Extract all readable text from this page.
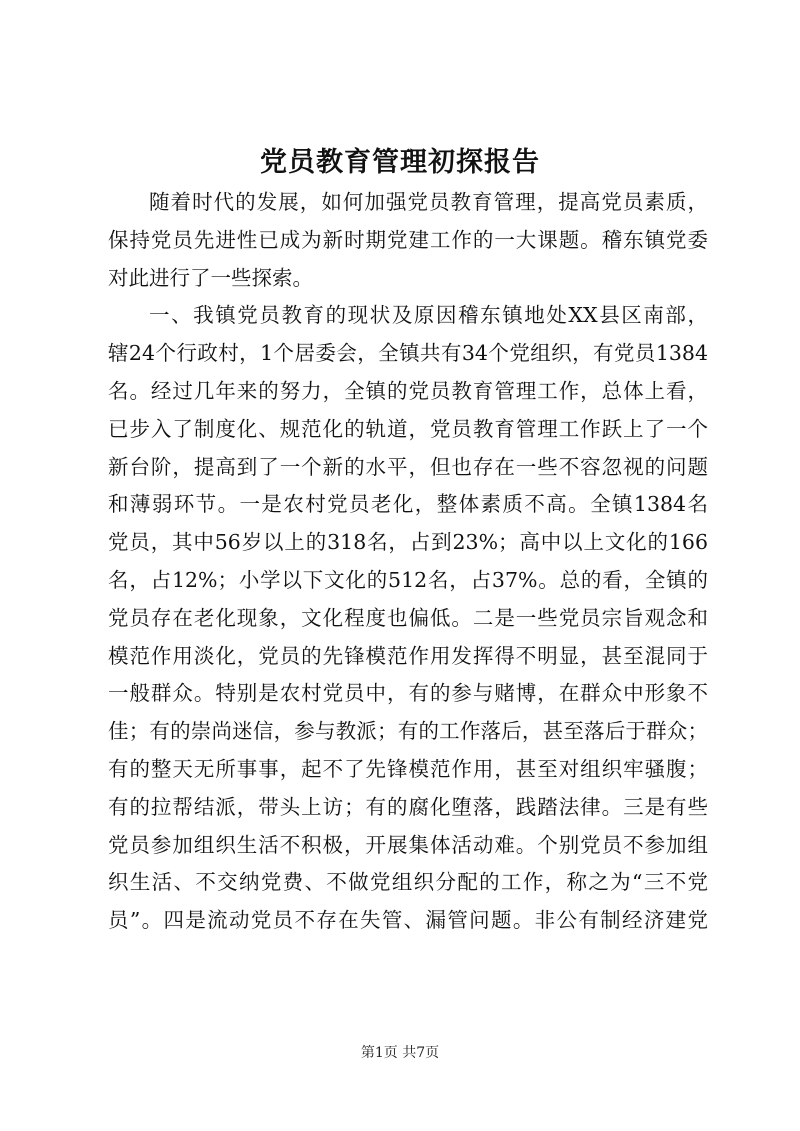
党员教育管理初探报告
随着时代的发展，如何加强党员教育管理，提高党员素质，
保持党员先进性已成为新时期党建工作的一大课题。稽东镇党委
对此进行了一些探索。
一、我镇党员教育的现状及原因稽东镇地处XX县区南部，
辖24个行政村，1个居委会，全镇共有34个党组织，有党员1384
名。经过几年来的努力，全镇的党员教育管理工作，总体上看，
已步入了制度化、规范化的轨道，党员教育管理工作跃上了一个
新台阶，提高到了一个新的水平，但也存在一些不容忽视的问题
和薄弱环节。一是农村党员老化，整体素质不高。全镇1384名
党员，其中56岁以上的318名，占到23%；高中以上文化的166
名，占12%；小学以下文化的512名，占37%。总的看，全镇的
党员存在老化现象，文化程度也偏低。二是一些党员宗旨观念和
模范作用淡化，党员的先锋模范作用发挥得不明显，甚至混同于
一般群众。特别是农村党员中，有的参与赌博，在群众中形象不
佳；有的崇尚迷信，参与教派；有的工作落后，甚至落后于群众；
有的整天无所事事，起不了先锋模范作用，甚至对组织牢骚腹；
有的拉帮结派，带头上访；有的腐化堕落，践踏法律。三是有些
党员参加组织生活不积极，开展集体活动难。个别党员不参加组
织生活、不交纳党费、不做党组织分配的工作，称之为“三不党
员”。四是流动党员不存在失管、漏管问题。非公有制经济建党
第1页 共7页
